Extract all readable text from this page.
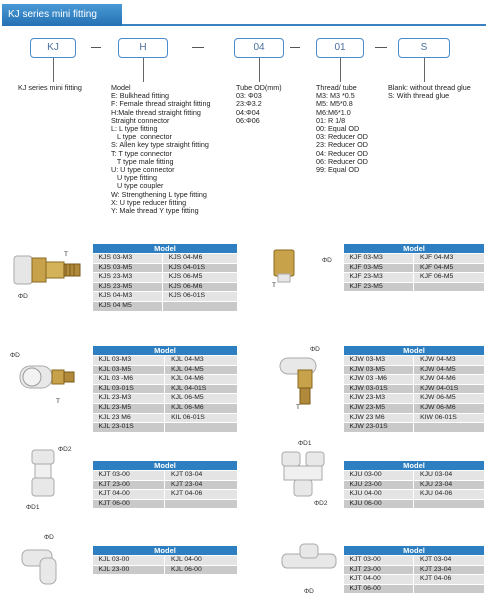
KJ series mini fitting
KJ	H	04	01	S
KJ series mini fitting	Model
E: Bulkhead fitting
F: Female thread straight fitting
H:Male thread straight fitting
Straight connector
L: L type fitting
L type  connector
S: Allen key type straight fitting
T: T type connector
T type male fitting
U: U type connector
U type fitting
U type coupler
W: Strengthening L type fitting
X: U type reducer fitting
Y: Male thread Y type fitting
Tube OD(mm)
03: Φ03
23:Φ3.2
04:Φ04
06:Φ06
Thread/ tube
M3: M3 *0.5
M5: M5*0.8
M6:M6*1.0
01: R 1/8
00: Equal OD
03: Reducer OD
23: Reducer OD
04: Reducer OD
06: Reducer OD
99: Equal OD
Blank: without thread glue
S: With thread glue
ΦD
T
Model	
KJS 03-M3	KJS 04-M6
KJS 03-M5	KJS 04-01S
KJS 23-M3	KJS 06-M5
KJS 23-M5	KJS 06-M6
KJS 04-M3	KJS 06-01S
KJS 04 M5	
ΦD
T
Model	
KJF 03-M3	KJF 04-M3
KJF 03-M5	KJF 04-M5
KJF 23-M3	KJF 06-M5
KJF 23-M5	
ΦD
T
Model	
KJL 03-M3	KJL 04-M3
KJL 03-M5	KJL 04-M5
KJL 03 -M6	KJL 04-M6
KJL 03-01S	KJL 04-01S
KJL 23-M3	KJL 06-M5
KJL 23-M5	KJL 06-M6
KJL 23 M6	KIL 06-01S
KJL 23-01S	
ΦD
T
Model	
KJW 03-M3	KJW 04-M3
KJW 03-M5	KJW 04-M5
KJW 03 -M6	KJW 04-M6
KJW 03-01S	KJW 04-01S
KJW 23-M3	KJW 06-M5
KJW 23-M5	KJW 06-M6
KJW 23 M6	KIW 06-01S
KJW 23-01S	
ΦD2
ΦD1
Model	
KJT 03-00	KJT 03-04
KJT 23-00	KJT 23-04
KJT 04-00	KJT 04-06
KJT 06-00	
ΦD1
ΦD2
Model	
KJU 03-00	KJU 03-04
KJU 23-00	KJU 23-04
KJU 04-00	KJU 04-06
KJU 06-00	
ΦD
Model	
KJL 03-00	KJL 04-00
KJL 23-00	KJL 06-00
ΦD
Model	
KJT 03-00	KJT 03-04
KJT 23-00	KJT 23-04
KJT 04-00	KJT 04-06
KJT 06-00	
